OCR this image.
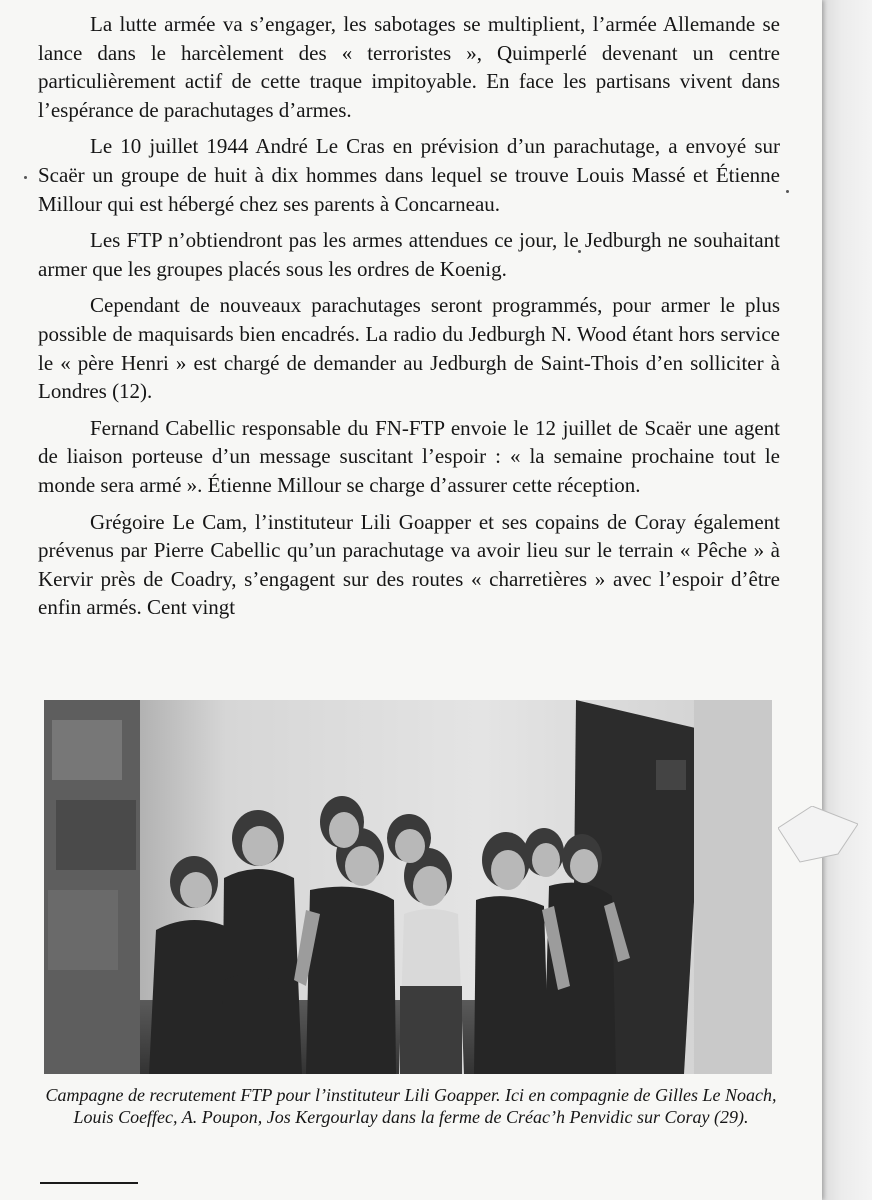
La lutte armée va s’engager, les sabotages se multiplient, l’armée Allemande se lance dans le harcèlement des « terroristes », Quimperlé devenant un centre particulièrement actif de cette traque impitoyable. En face les partisans vivent dans l’espérance de parachutages d’armes.

Le 10 juillet 1944 André Le Cras en prévision d’un parachutage, a envoyé sur Scaër un groupe de huit à dix hommes dans lequel se trouve Louis Massé et Étienne Millour qui est hébergé chez ses parents à Concarneau.

Les FTP n’obtiendront pas les armes attendues ce jour, le Jedburgh ne souhaitant armer que les groupes placés sous les ordres de Koenig.

Cependant de nouveaux parachutages seront programmés, pour armer le plus possible de maquisards bien encadrés. La radio du Jedburgh N. Wood étant hors service le « père Henri » est chargé de demander au Jedburgh de Saint-Thois d’en solliciter à Londres (12).

Fernand Cabellic responsable du FN-FTP envoie le 12 juillet de Scaër une agent de liaison porteuse d’un message suscitant l’espoir : « la semaine prochaine tout le monde sera armé ». Étienne Millour se charge d’assurer cette réception.

Grégoire Le Cam, l’instituteur Lili Goapper et ses copains de Coray également prévenus par Pierre Cabellic qu’un parachutage va avoir lieu sur le terrain « Pêche » à Kervir près de Coadry, s’engagent sur des routes « charretières » avec l’espoir d’être enfin armés. Cent vingt

Campagne de recrutement FTP pour l’instituteur Lili Goapper. Ici en compagnie de Gilles Le Noach, Louis Coeffec, A. Poupon, Jos Kergourlay dans la ferme de Créac’h Penvidic sur Coray (29).
